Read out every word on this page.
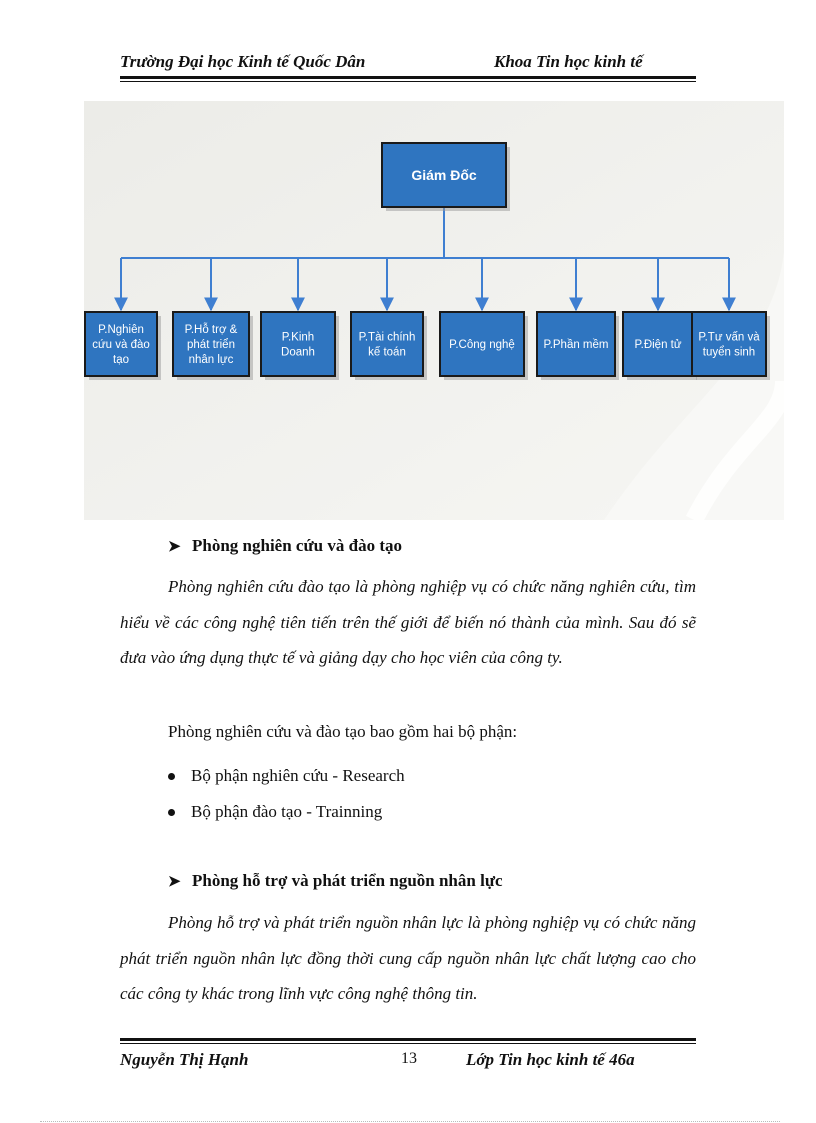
Trường Đại học Kinh tế Quốc Dân	Khoa Tin học kinh tế
Giám Đốc
P.Nghiên
cứu và đào
tạo
P.Hỗ trợ &
phát triển
nhân lực
P.Kinh
Doanh
P.Tài chính
kế toán
P.Công nghệ P.Phần mềm P.Điện tử
P.Tư vấn và
tuyển sinh
➤ Phòng nghiên cứu và đào tạo

Phòng nghiên cứu đào tạo là phòng nghiệp vụ có chức năng nghiên cứu, tìm hiểu về các công nghệ tiên tiến trên thế giới để biến nó thành của mình. Sau đó sẽ đưa vào ứng dụng thực tế và giảng dạy cho học viên của công ty.

Phòng nghiên cứu và đào tạo bao gồm hai bộ phận:
Bộ phận nghiên cứu - Research
Bộ phận đào tạo - Trainning
➤ Phòng hỗ trợ và phát triển nguồn nhân lực

Phòng hỗ trợ và phát triển nguồn nhân lực là phòng nghiệp vụ có chức năng phát triển nguồn nhân lực đồng thời cung cấp nguồn nhân lực chất lượng cao cho các công ty khác trong lĩnh vực công nghệ thông tin.

Nguyễn Thị Hạnh	13	Lớp Tin học kinh tế 46a
